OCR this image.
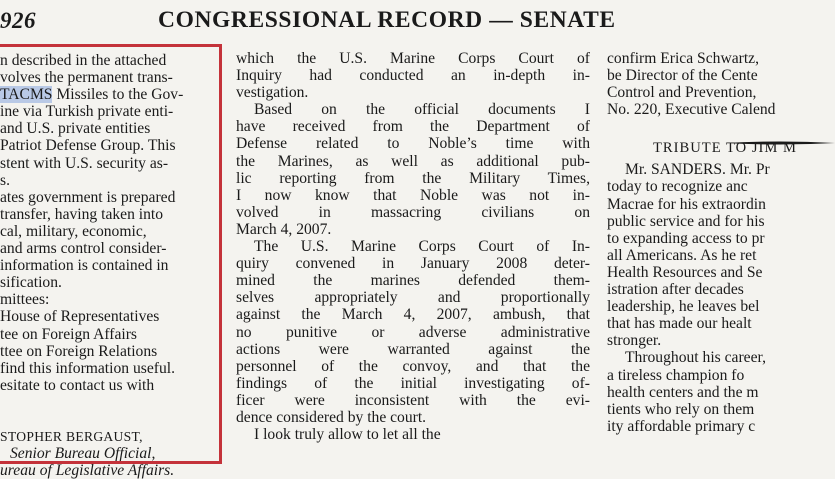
926	CONGRESSIONAL RECORD — SENATE
n described in the attached
volves the permanent trans-
TACMS Missiles to the Gov-
ine via Turkish private enti-
and U.S. private entities
Patriot Defense Group. This
stent with U.S. security as-
s.
ates government is prepared
transfer, having taken into
cal, military, economic,
and arms control consider-
information is contained in
sification.
mittees:
House of Representatives
tee on Foreign Affairs
ttee on Foreign Relations
find this information useful.
esitate to contact us with
STOPHER BERGAUST,
Senior Bureau Official,
ureau of Legislative Affairs.
which the U.S. Marine Corps Court of
Inquiry had conducted an in-depth in-
vestigation.
Based on the official documents I
have received from the Department of
Defense related to Noble’s time with
the Marines, as well as additional pub-
lic reporting from the Military Times,
I now know that Noble was not in-
volved in massacring civilians on
March 4, 2007.
The U.S. Marine Corps Court of In-
quiry convened in January 2008 deter-
mined the marines defended them-
selves appropriately and proportionally
against the March 4, 2007, ambush, that
no punitive or adverse administrative
actions were warranted against the
personnel of the convoy, and that the
findings of the initial investigating of-
ficer were inconsistent with the evi-
dence considered by the court.
I look truly allow to let all the
confirm Erica Schwartz,
be Director of the Cente
Control and Prevention,
No. 220, Executive Calend
TRIBUTE TO JIM M
Mr. SANDERS. Mr. Pr
today to recognize anc
Macrae for his extraordin
public service and for his
to expanding access to pr
all Americans. As he ret
Health Resources and Se
istration after decades
leadership, he leaves bel
that has made our healt
stronger.
Throughout his career,
a tireless champion fo
health centers and the m
tients who rely on them
ity affordable primary c
